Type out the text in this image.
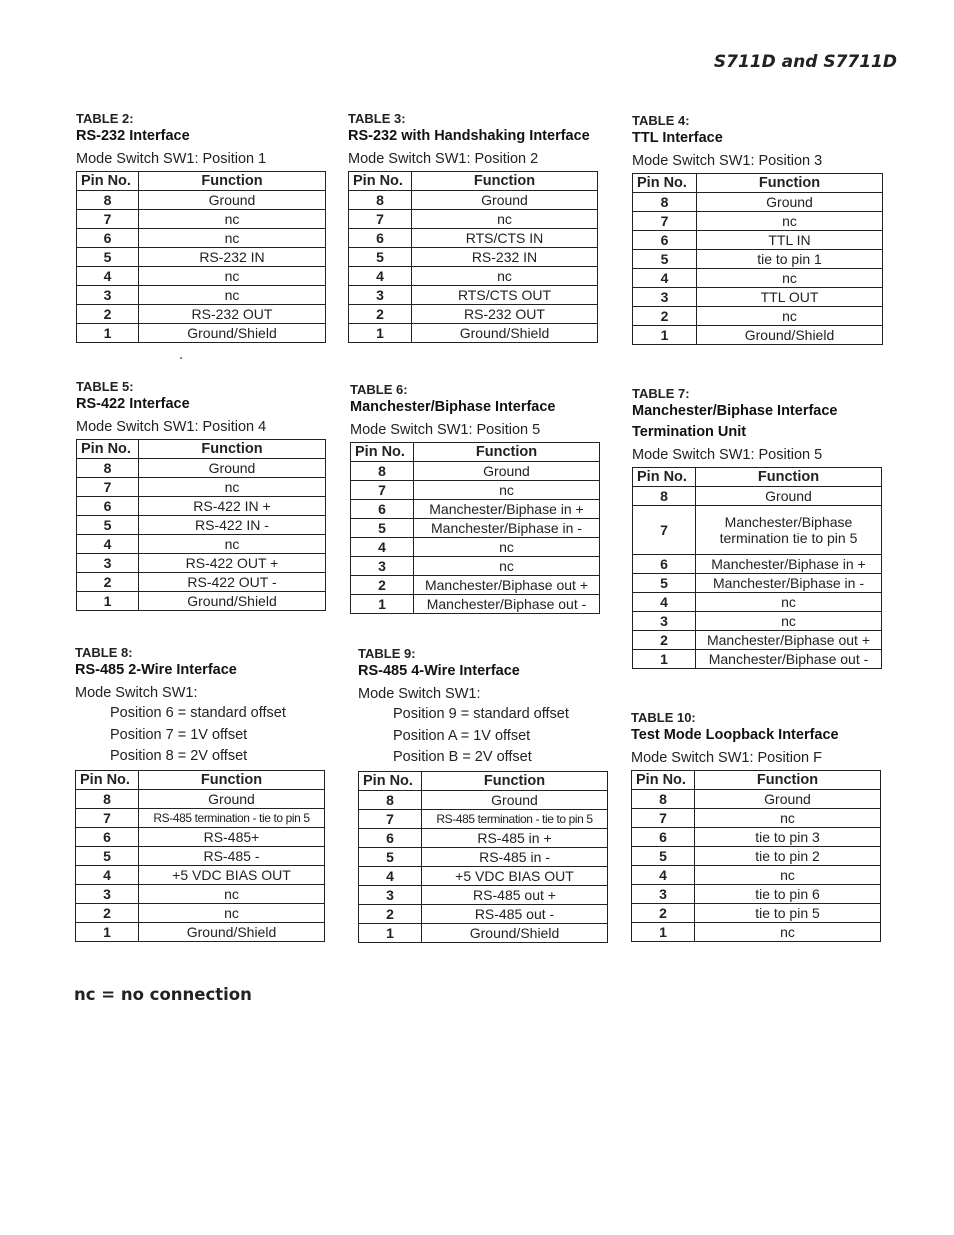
S711D and S7711D
TABLE 2:
RS-232 Interface
Mode Switch SW1: Position 1
Pin No.	Function
8	Ground
7	nc
6	nc
5	RS-232 IN
4	nc
3	nc
2	RS-232 OUT
1	Ground/Shield
TABLE 3:
RS-232 with Handshaking Interface
Mode Switch SW1: Position 2
Pin No.	Function
8	Ground
7	nc
6	RTS/CTS IN
5	RS-232 IN
4	nc
3	RTS/CTS OUT
2	RS-232 OUT
1	Ground/Shield
TABLE 4:
TTL Interface
Mode Switch SW1: Position 3
Pin No.	Function
8	Ground
7	nc
6	TTL IN
5	tie to pin 1
4	nc
3	TTL OUT
2	nc
1	Ground/Shield
TABLE 5:
RS-422 Interface
Mode Switch SW1: Position 4
Pin No.	Function
8	Ground
7	nc
6	RS-422 IN +
5	RS-422 IN -
4	nc
3	RS-422 OUT +
2	RS-422 OUT -
1	Ground/Shield
TABLE 6:
Manchester/Biphase Interface
Mode Switch SW1: Position 5
Pin No.	Function
8	Ground
7	nc
6	Manchester/Biphase in +
5	Manchester/Biphase in -
4	nc
3	nc
2	Manchester/Biphase out +
1	Manchester/Biphase out -
TABLE 7:
Manchester/Biphase Interface
Termination Unit
Mode Switch SW1: Position 5
Pin No.	Function
8	Ground
7	Manchester/Biphase termination tie to pin 5
6	Manchester/Biphase in +
5	Manchester/Biphase in -
4	nc
3	nc
2	Manchester/Biphase out +
1	Manchester/Biphase out -
TABLE 8:
RS-485 2-Wire Interface
Mode Switch SW1:
Position 6 = standard offset
Position 7 = 1V offset
Position 8 = 2V offset
Pin No.	Function
8	Ground
7	RS-485 termination - tie to pin 5
6	RS-485+
5	RS-485 -
4	+5 VDC BIAS OUT
3	nc
2	nc
1	Ground/Shield
TABLE 9:
RS-485 4-Wire Interface
Mode Switch SW1:
Position 9 = standard offset
Position A = 1V offset
Position B = 2V offset
Pin No.	Function
8	Ground
7	RS-485 termination - tie to pin 5
6	RS-485 in +
5	RS-485 in -
4	+5 VDC BIAS OUT
3	RS-485 out +
2	RS-485 out -
1	Ground/Shield
TABLE 10:
Test Mode Loopback Interface
Mode Switch SW1: Position F
Pin No.	Function
8	Ground
7	nc
6	tie to pin 3
5	tie to pin 2
4	nc
3	tie to pin 6
2	tie to pin 5
1	nc
nc = no connection
